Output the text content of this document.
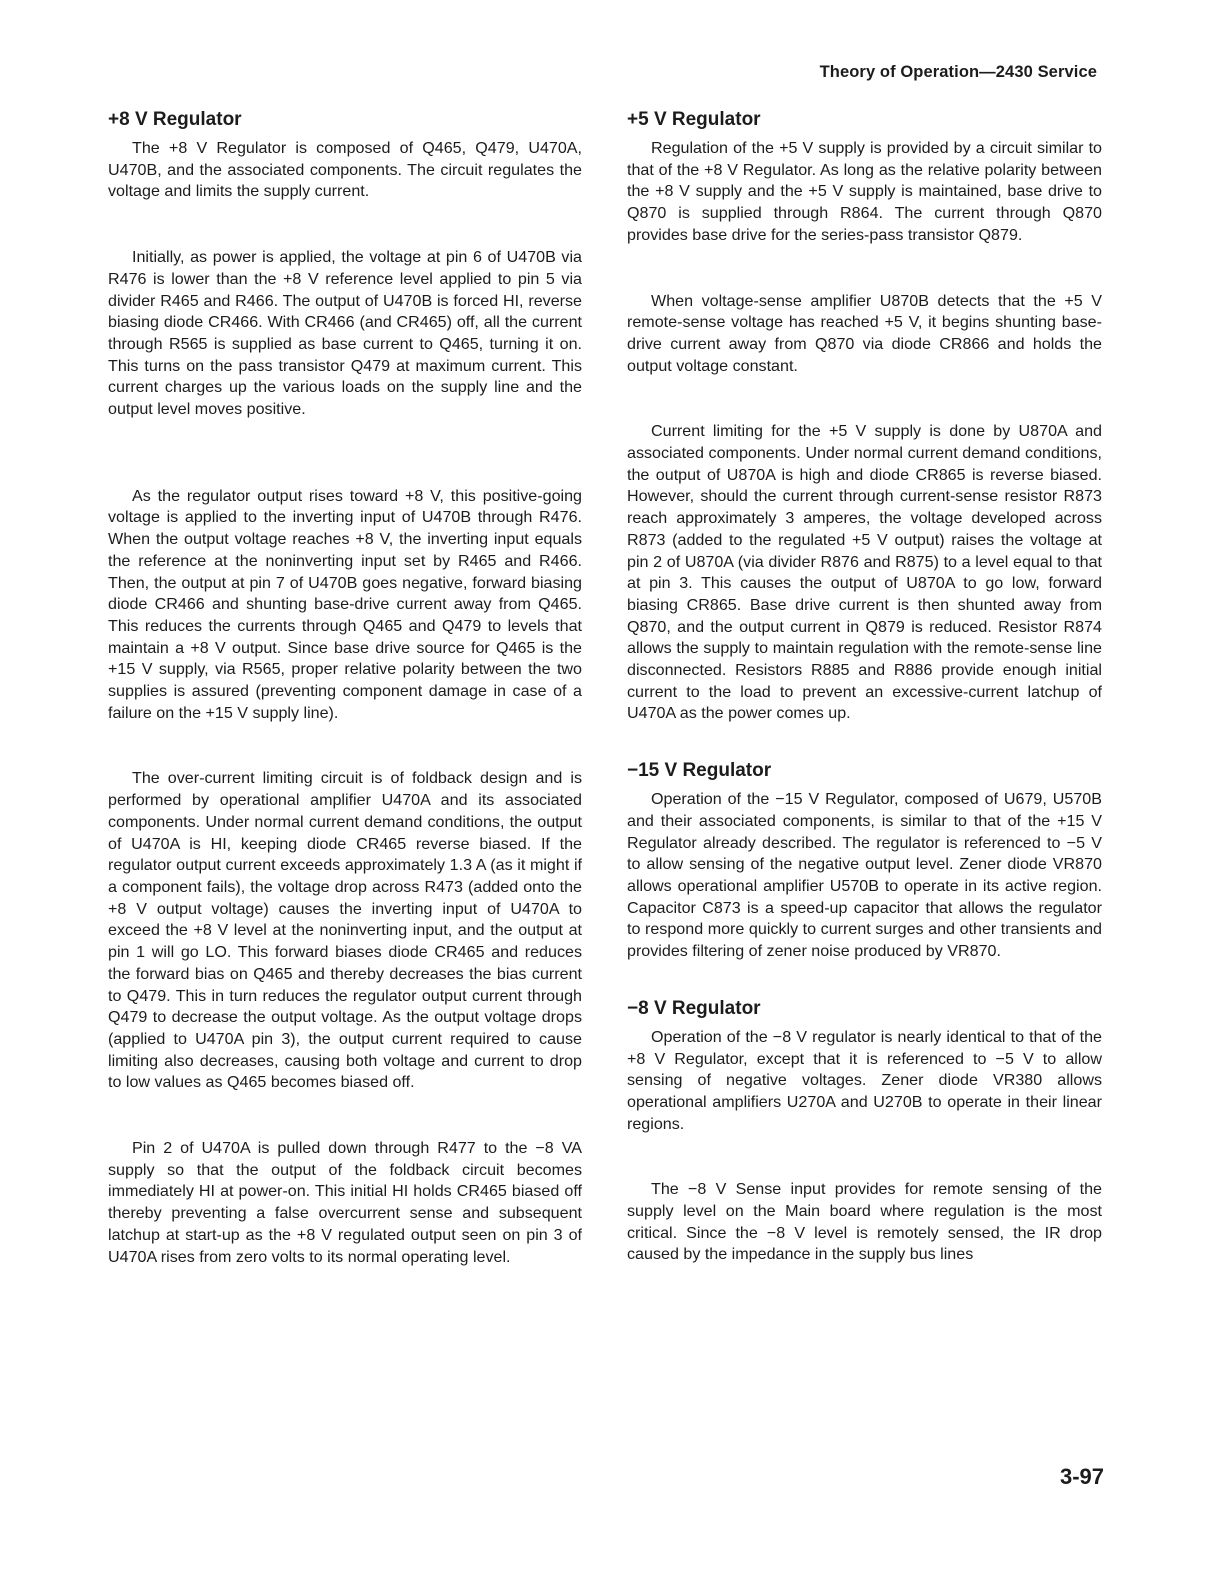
Theory of Operation—2430 Service
+8 V Regulator

The +8 V Regulator is composed of Q465, Q479, U470A, U470B, and the associated components. The circuit regulates the voltage and limits the supply current.

Initially, as power is applied, the voltage at pin 6 of U470B via R476 is lower than the +8 V reference level applied to pin 5 via divider R465 and R466. The output of U470B is forced HI, reverse biasing diode CR466. With CR466 (and CR465) off, all the current through R565 is supplied as base current to Q465, turning it on. This turns on the pass transistor Q479 at maximum current. This current charges up the various loads on the supply line and the output level moves positive.

As the regulator output rises toward +8 V, this positive-going voltage is applied to the inverting input of U470B through R476. When the output voltage reaches +8 V, the inverting input equals the reference at the noninverting input set by R465 and R466. Then, the output at pin 7 of U470B goes negative, forward biasing diode CR466 and shunting base-drive current away from Q465. This reduces the currents through Q465 and Q479 to levels that maintain a +8 V output. Since base drive source for Q465 is the +15 V supply, via R565, proper relative polarity between the two supplies is assured (preventing component damage in case of a failure on the +15 V supply line).

The over-current limiting circuit is of foldback design and is performed by operational amplifier U470A and its associated components. Under normal current demand conditions, the output of U470A is HI, keeping diode CR465 reverse biased. If the regulator output current exceeds approximately 1.3 A (as it might if a component fails), the voltage drop across R473 (added onto the +8 V output voltage) causes the inverting input of U470A to exceed the +8 V level at the noninverting input, and the output at pin 1 will go LO. This forward biases diode CR465 and reduces the forward bias on Q465 and thereby decreases the bias current to Q479. This in turn reduces the regulator output current through Q479 to decrease the output voltage. As the output voltage drops (applied to U470A pin 3), the output current required to cause limiting also decreases, causing both voltage and current to drop to low values as Q465 becomes biased off.

Pin 2 of U470A is pulled down through R477 to the −8 VA supply so that the output of the foldback circuit becomes immediately HI at power-on. This initial HI holds CR465 biased off thereby preventing a false overcurrent sense and subsequent latchup at start-up as the +8 V regulated output seen on pin 3 of U470A rises from zero volts to its normal operating level.

+5 V Regulator

Regulation of the +5 V supply is provided by a circuit similar to that of the +8 V Regulator. As long as the relative polarity between the +8 V supply and the +5 V supply is maintained, base drive to Q870 is supplied through R864. The current through Q870 provides base drive for the series-pass transistor Q879.

When voltage-sense amplifier U870B detects that the +5 V remote-sense voltage has reached +5 V, it begins shunting base-drive current away from Q870 via diode CR866 and holds the output voltage constant.

Current limiting for the +5 V supply is done by U870A and associated components. Under normal current demand conditions, the output of U870A is high and diode CR865 is reverse biased. However, should the current through current-sense resistor R873 reach approximately 3 amperes, the voltage developed across R873 (added to the regulated +5 V output) raises the voltage at pin 2 of U870A (via divider R876 and R875) to a level equal to that at pin 3. This causes the output of U870A to go low, forward biasing CR865. Base drive current is then shunted away from Q870, and the output current in Q879 is reduced. Resistor R874 allows the supply to maintain regulation with the remote-sense line disconnected. Resistors R885 and R886 provide enough initial current to the load to prevent an excessive-current latchup of U470A as the power comes up.

−15 V Regulator

Operation of the −15 V Regulator, composed of U679, U570B and their associated components, is similar to that of the +15 V Regulator already described. The regulator is referenced to −5 V to allow sensing of the negative output level. Zener diode VR870 allows operational amplifier U570B to operate in its active region. Capacitor C873 is a speed-up capacitor that allows the regulator to respond more quickly to current surges and other transients and provides filtering of zener noise produced by VR870.

−8 V Regulator

Operation of the −8 V regulator is nearly identical to that of the +8 V Regulator, except that it is referenced to −5 V to allow sensing of negative voltages. Zener diode VR380 allows operational amplifiers U270A and U270B to operate in their linear regions.

The −8 V Sense input provides for remote sensing of the supply level on the Main board where regulation is the most critical. Since the −8 V level is remotely sensed, the IR drop caused by the impedance in the supply bus lines

3-97
